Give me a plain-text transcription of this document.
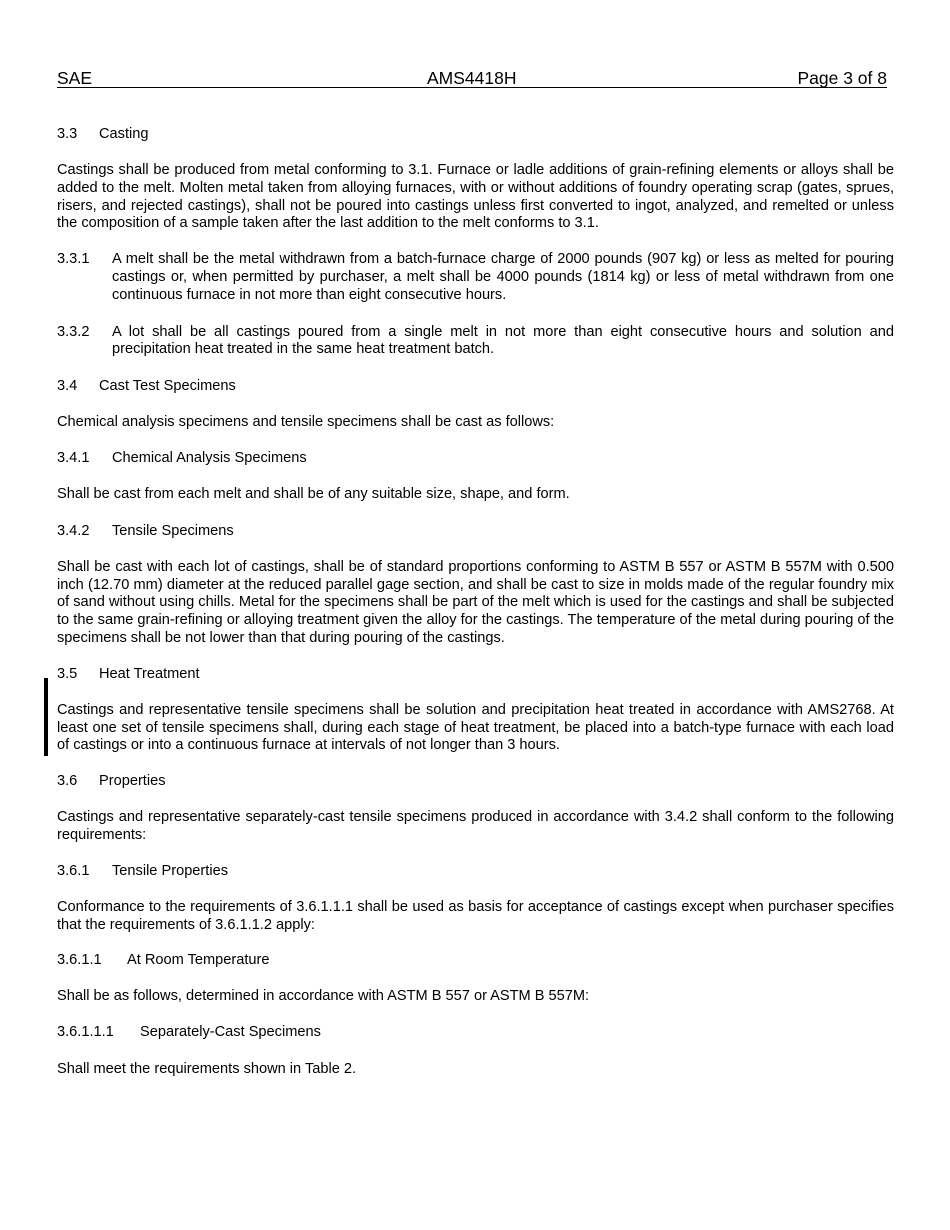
SAE	AMS4418H	Page 3 of 8
3.3 Casting

Castings shall be produced from metal conforming to 3.1. Furnace or ladle additions of grain-refining elements or alloys shall be added to the melt. Molten metal taken from alloying furnaces, with or without additions of foundry operating scrap (gates, sprues, risers, and rejected castings), shall not be poured into castings unless first converted to ingot, analyzed, and remelted or unless the composition of a sample taken after the last addition to the melt conforms to 3.1.

3.3.1 A melt shall be the metal withdrawn from a batch-furnace charge of 2000 pounds (907 kg) or less as melted for pouring castings or, when permitted by purchaser, a melt shall be 4000 pounds (1814 kg) or less of metal withdrawn from one continuous furnace in not more than eight consecutive hours.
3.3.2 A lot shall be all castings poured from a single melt in not more than eight consecutive hours and solution and precipitation heat treated in the same heat treatment batch.
3.4 Cast Test Specimens

Chemical analysis specimens and tensile specimens shall be cast as follows:

3.4.1 Chemical Analysis Specimens

Shall be cast from each melt and shall be of any suitable size, shape, and form.

3.4.2 Tensile Specimens

Shall be cast with each lot of castings, shall be of standard proportions conforming to ASTM B 557 or ASTM B 557M with 0.500 inch (12.70 mm) diameter at the reduced parallel gage section, and shall be cast to size in molds made of the regular foundry mix of sand without using chills. Metal for the specimens shall be part of the melt which is used for the castings and shall be subjected to the same grain-refining or alloying treatment given the alloy for the castings. The temperature of the metal during pouring of the specimens shall be not lower than that during pouring of the castings.

3.5 Heat Treatment

Castings and representative tensile specimens shall be solution and precipitation heat treated in accordance with AMS2768. At least one set of tensile specimens shall, during each stage of heat treatment, be placed into a batch-type furnace with each load of castings or into a continuous furnace at intervals of not longer than 3 hours.

3.6 Properties

Castings and representative separately-cast tensile specimens produced in accordance with 3.4.2 shall conform to the following requirements:

3.6.1 Tensile Properties

Conformance to the requirements of 3.6.1.1.1 shall be used as basis for acceptance of castings except when purchaser specifies that the requirements of 3.6.1.1.2 apply:

3.6.1.1 At Room Temperature

Shall be as follows, determined in accordance with ASTM B 557 or ASTM B 557M:

3.6.1.1.1 Separately-Cast Specimens

Shall meet the requirements shown in Table 2.
